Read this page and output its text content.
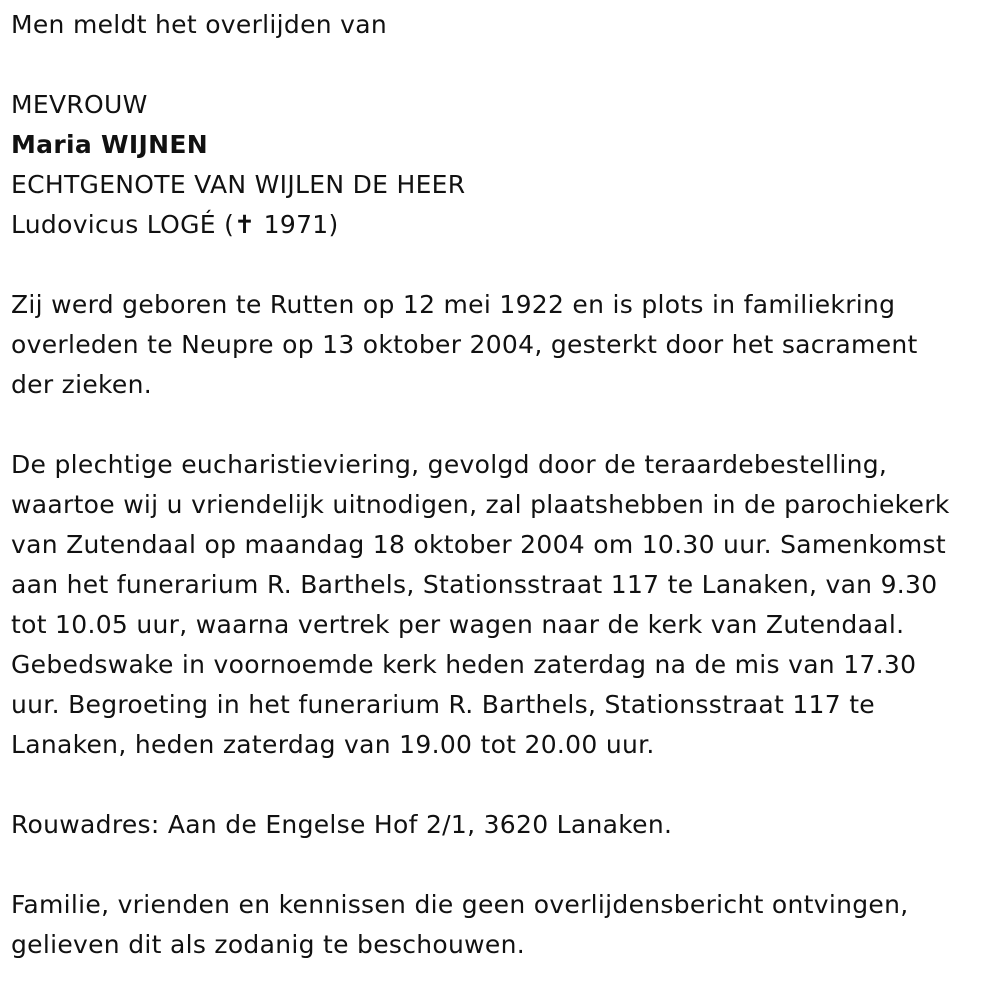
Men meldt het overlijden van
MEVROUW
Maria WIJNEN
ECHTGENOTE VAN WIJLEN DE HEER
Ludovicus LOGÉ (✝ 1971)
Zij werd geboren te Rutten op 12 mei 1922 en is plots in familiekring
overleden te Neupre op 13 oktober 2004, gesterkt door het sacrament
der zieken.
De plechtige eucharistieviering, gevolgd door de teraardebestelling,
waartoe wij u vriendelijk uitnodigen, zal plaatshebben in de parochiekerk
van Zutendaal op maandag 18 oktober 2004 om 10.30 uur. Samenkomst
aan het funerarium R. Barthels, Stationsstraat 117 te Lanaken, van 9.30
tot 10.05 uur, waarna vertrek per wagen naar de kerk van Zutendaal.
Gebedswake in voornoemde kerk heden zaterdag na de mis van 17.30
uur. Begroeting in het funerarium R. Barthels, Stationsstraat 117 te
Lanaken, heden zaterdag van 19.00 tot 20.00 uur.
Rouwadres: Aan de Engelse Hof 2/1, 3620 Lanaken.
Familie, vrienden en kennissen die geen overlijdensbericht ontvingen,
gelieven dit als zodanig te beschouwen.
